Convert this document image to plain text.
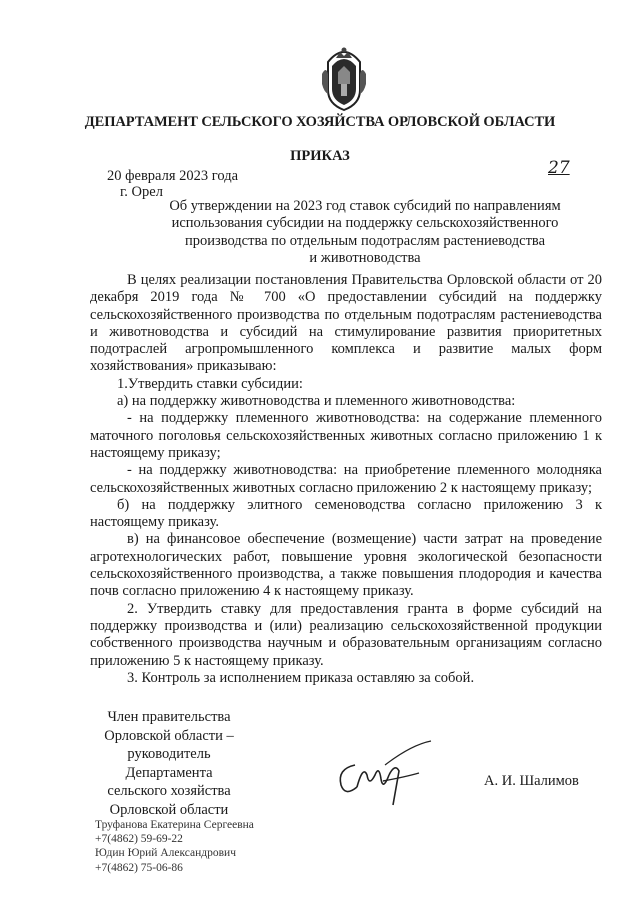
ДЕПАРТАМЕНТ СЕЛЬСКОГО ХОЗЯЙСТВА ОРЛОВСКОЙ ОБЛАСТИ
ПРИКАЗ
20 февраля 2023 года	27
г. Орел
Об утверждении на 2023 год ставок субсидий по направлениям
использования субсидии на поддержку сельскохозяйственного
производства по отдельным подотраслям растениеводства
и животноводства

В целях реализации постановления Правительства Орловской области от 20 декабря 2019 года № 700 «О предоставлении субсидий на поддержку сельскохозяйственного производства по отдельным подотраслям растениеводства и животноводства и субсидий на стимулирование развития приоритетных подотраслей агропромышленного комплекса и развитие малых форм хозяйствования» приказываю:

1.Утвердить ставки субсидии:

а) на поддержку животноводства и племенного животноводства:

- на поддержку племенного животноводства: на содержание племенного маточного поголовья сельскохозяйственных животных согласно приложению 1 к настоящему приказу;

- на поддержку животноводства: на приобретение племенного молодняка сельскохозяйственных животных согласно приложению 2 к настоящему приказу;

б) на поддержку элитного семеноводства согласно приложению 3 к настоящему приказу.

в) на финансовое обеспечение (возмещение) части затрат на проведение агротехнологических работ, повышение уровня экологической безопасности сельскохозяйственного производства, а также повышения плодородия и качества почв согласно приложению 4 к настоящему приказу.

2. Утвердить ставку для предоставления гранта в форме субсидий на поддержку производства и (или) реализацию сельскохозяйственной продукции собственного производства научным и образовательным организациям согласно приложению 5 к настоящему приказу.

3. Контроль за исполнением приказа оставляю за собой.

Член правительства
Орловской области –
руководитель
Департамента
сельского хозяйства
Орловской области
А. И. Шалимов
Труфанова Екатерина Сергеевна
+7(4862) 59-69-22
Юдин Юрий Александрович
+7(4862) 75-06-86
